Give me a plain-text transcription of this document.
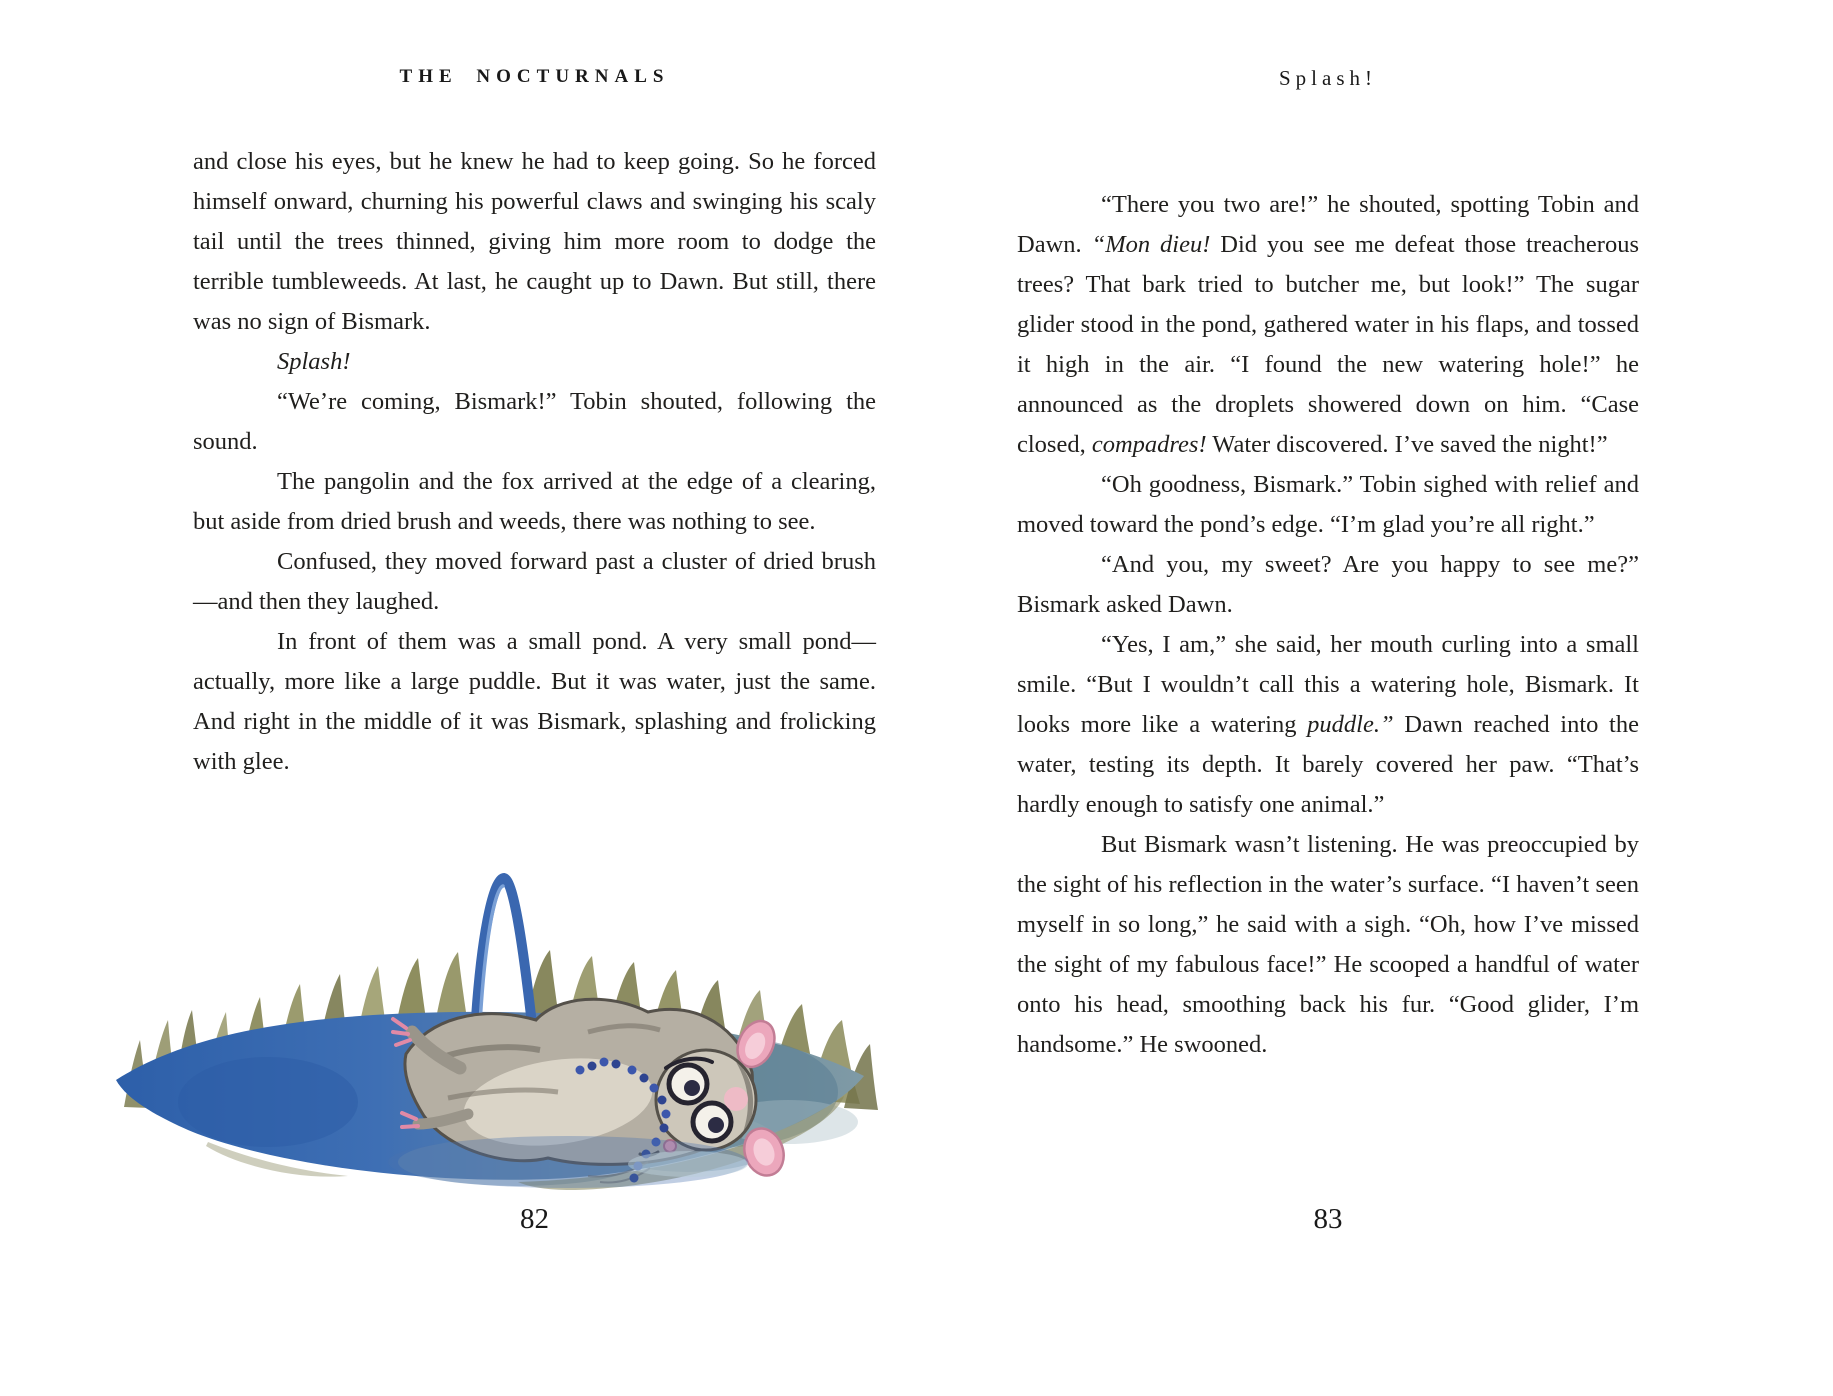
THE NOCTURNALS

and close his eyes, but he knew he had to keep going. So he forced himself onward, churning his powerful claws and swinging his scaly tail until the trees thinned, giving him more room to dodge the terrible tumbleweeds. At last, he caught up to Dawn. But still, there was no sign of Bismark.

Splash!

“We’re coming, Bismark!” Tobin shouted, following the sound.

The pangolin and the fox arrived at the edge of a clearing, but aside from dried brush and weeds, there was nothing to see.

Confused, they moved forward past a cluster of dried brush—and then they laughed.

In front of them was a small pond. A very small pond—actually, more like a large puddle. But it was water, just the same. And right in the middle of it was Bismark, splashing and frolicking with glee.

82
Splash!

“There you two are!” he shouted, spotting Tobin and Dawn. “Mon dieu! Did you see me defeat those treacherous trees? That bark tried to butcher me, but look!” The sugar glider stood in the pond, gathered water in his flaps, and tossed it high in the air. “I found the new watering hole!” he announced as the droplets showered down on him. “Case closed, compadres! Water discovered. I’ve saved the night!”

“Oh goodness, Bismark.” Tobin sighed with relief and moved toward the pond’s edge. “I’m glad you’re all right.”

“And you, my sweet? Are you happy to see me?” Bismark asked Dawn.

“Yes, I am,” she said, her mouth curling into a small smile. “But I wouldn’t call this a watering hole, Bismark. It looks more like a watering puddle.” Dawn reached into the water, testing its depth. It barely covered her paw. “That’s hardly enough to satisfy one animal.”

But Bismark wasn’t listening. He was preoccupied by the sight of his reflection in the water’s surface. “I haven’t seen myself in so long,” he said with a sigh. “Oh, how I’ve missed the sight of my fabulous face!” He scooped a handful of water onto his head, smoothing back his fur. “Good glider, I’m handsome.” He swooned.

83
